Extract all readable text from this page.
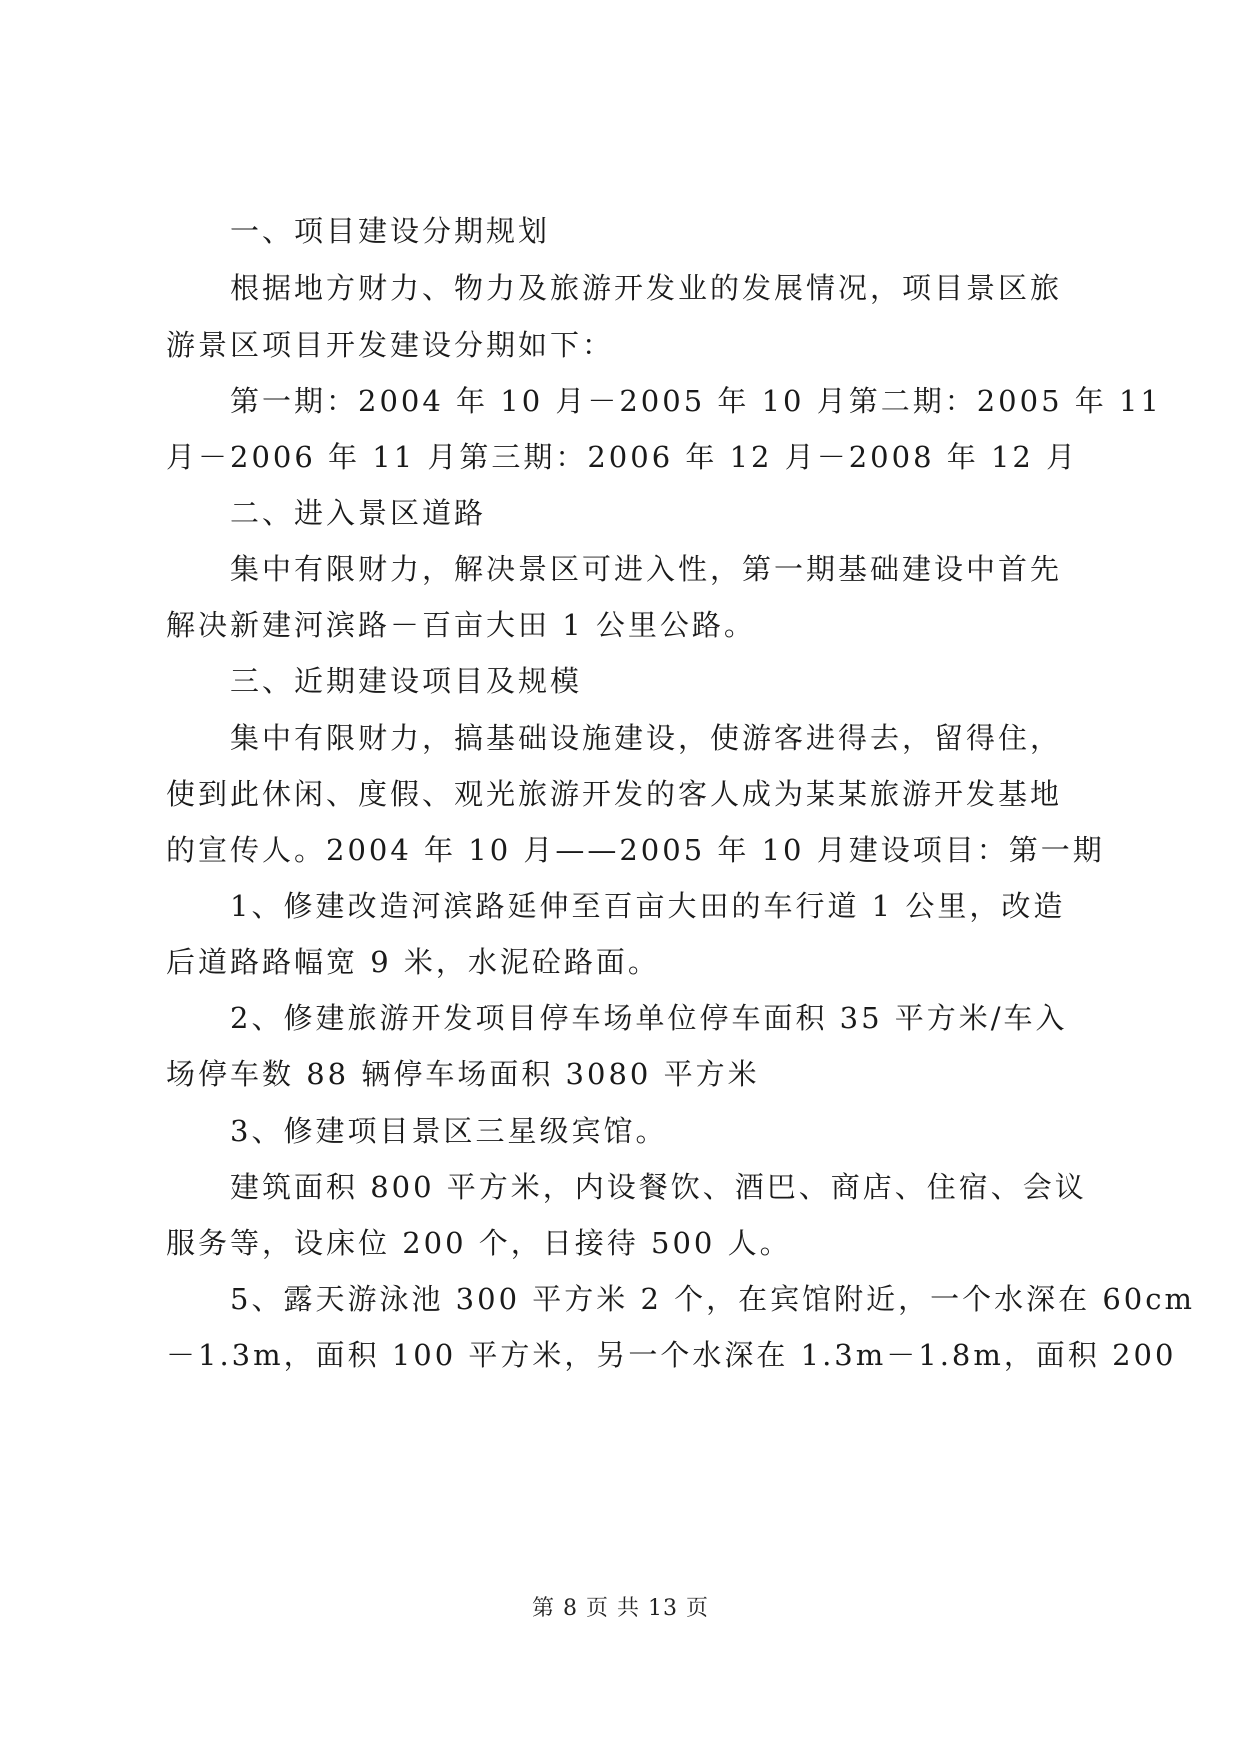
一、项目建设分期规划
根据地方财力、物力及旅游开发业的发展情况，项目景区旅
游景区项目开发建设分期如下：
第一期：2004 年 10 月－2005 年 10 月第二期：2005 年 11
月－2006 年 11 月第三期：2006 年 12 月－2008 年 12 月
二、进入景区道路
集中有限财力，解决景区可进入性，第一期基础建设中首先
解决新建河滨路－百亩大田 1 公里公路。
三、近期建设项目及规模
集中有限财力，搞基础设施建设，使游客进得去，留得住，
使到此休闲、度假、观光旅游开发的客人成为某某旅游开发基地
的宣传人。2004 年 10 月——2005 年 10 月建设项目：第一期
1、修建改造河滨路延伸至百亩大田的车行道 1 公里，改造
后道路路幅宽 9 米，水泥砼路面。
2、修建旅游开发项目停车场单位停车面积 35 平方米/车入
场停车数 88 辆停车场面积 3080 平方米
3、修建项目景区三星级宾馆。
建筑面积 800 平方米，内设餐饮、酒巴、商店、住宿、会议
服务等，设床位 200 个，日接待 500 人。
5、露天游泳池 300 平方米 2 个，在宾馆附近，一个水深在 60cm
－1.3m，面积 100 平方米，另一个水深在 1.3m－1.8m，面积 200
第 8 页 共 13 页
